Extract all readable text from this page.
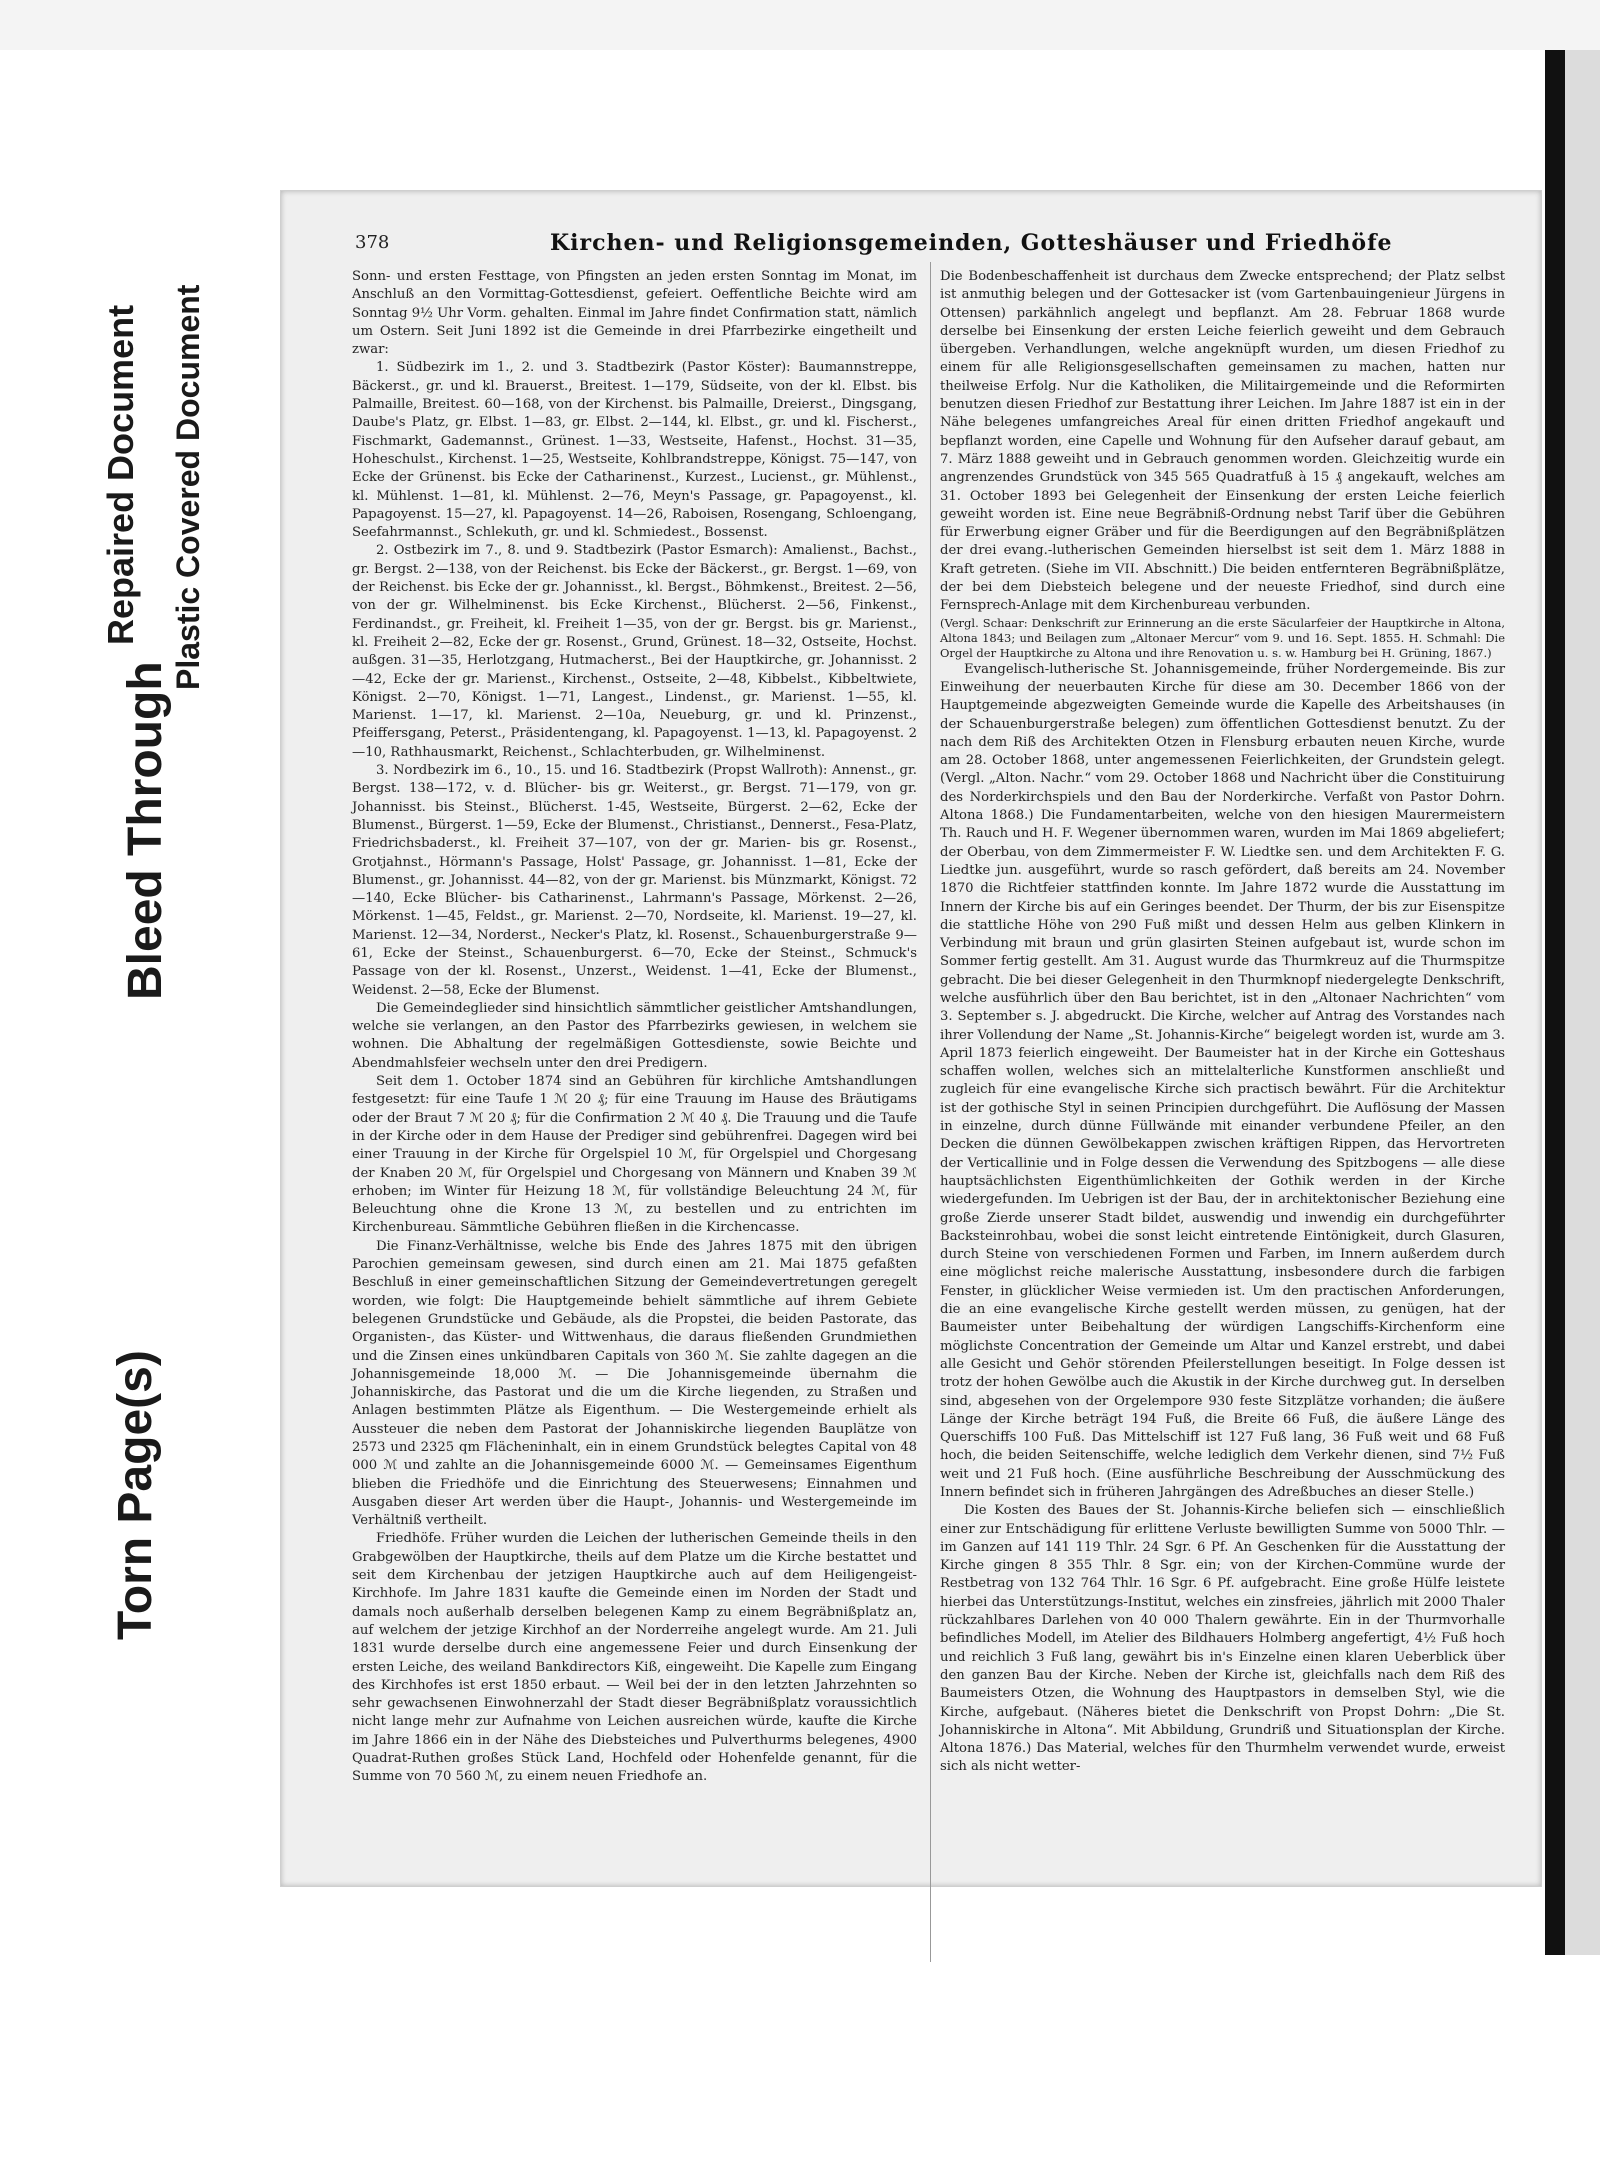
378	Kirchen- und Religionsgemeinden, Gotteshäuser und Friedhöfe

Sonn- und ersten Festtage, von Pfingsten an jeden ersten Sonntag im Monat, im Anschluß an den Vormittag-Gottesdienst, gefeiert. Oeffentliche Beichte wird am Sonntag 9½ Uhr Vorm. gehalten. Einmal im Jahre findet Confirmation statt, nämlich um Ostern. Seit Juni 1892 ist die Gemeinde in drei Pfarrbezirke eingetheilt und zwar:

1. Südbezirk im 1., 2. und 3. Stadtbezirk (Pastor Köster): Baumannstreppe, Bäckerst., gr. und kl. Brauerst., Breitest. 1—179, Südseite, von der kl. Elbst. bis Palmaille, Breitest. 60—168, von der Kirchenst. bis Palmaille, Dreierst., Dingsgang, Daube's Platz, gr. Elbst. 1—83, gr. Elbst. 2—144, kl. Elbst., gr. und kl. Fischerst., Fischmarkt, Gademannst., Grünest. 1—33, Westseite, Hafenst., Hochst. 31—35, Hoheschulst., Kirchenst. 1—25, Westseite, Kohlbrandstreppe, Königst. 75—147, von Ecke der Grünenst. bis Ecke der Catharinenst., Kurzest., Lucienst., gr. Mühlenst., kl. Mühlenst. 1—81, kl. Mühlenst. 2—76, Meyn's Passage, gr. Papagoyenst., kl. Papagoyenst. 15—27, kl. Papagoyenst. 14—26, Raboisen, Rosengang, Schloengang, Seefahrmannst., Schlekuth, gr. und kl. Schmiedest., Bossenst.

2. Ostbezirk im 7., 8. und 9. Stadtbezirk (Pastor Esmarch): Amalienst., Bachst., gr. Bergst. 2—138, von der Reichenst. bis Ecke der Bäckerst., gr. Bergst. 1—69, von der Reichenst. bis Ecke der gr. Johannisst., kl. Bergst., Böhmkenst., Breitest. 2—56, von der gr. Wilhelminenst. bis Ecke Kirchenst., Blücherst. 2—56, Finkenst., Ferdinandst., gr. Freiheit, kl. Freiheit 1—35, von der gr. Bergst. bis gr. Marienst., kl. Freiheit 2—82, Ecke der gr. Rosenst., Grund, Grünest. 18—32, Ostseite, Hochst. außgen. 31—35, Herlotzgang, Hutmacherst., Bei der Hauptkirche, gr. Johannisst. 2—42, Ecke der gr. Marienst., Kirchenst., Ostseite, 2—48, Kibbelst., Kibbeltwiete, Königst. 2—70, Königst. 1—71, Langest., Lindenst., gr. Marienst. 1—55, kl. Marienst. 1—17, kl. Marienst. 2—10a, Neueburg, gr. und kl. Prinzenst., Pfeiffersgang, Peterst., Präsidentengang, kl. Papagoyenst. 1—13, kl. Papagoyenst. 2—10, Rathhausmarkt, Reichenst., Schlachterbuden, gr. Wilhelminenst.

3. Nordbezirk im 6., 10., 15. und 16. Stadtbezirk (Propst Wallroth): Annenst., gr. Bergst. 138—172, v. d. Blücher- bis gr. Weiterst., gr. Bergst. 71—179, von gr. Johannisst. bis Steinst., Blücherst. 1-45, Westseite, Bürgerst. 2—62, Ecke der Blumenst., Bürgerst. 1—59, Ecke der Blumenst., Christianst., Dennerst., Fesa-Platz, Friedrichsbaderst., kl. Freiheit 37—107, von der gr. Marien- bis gr. Rosenst., Grotjahnst., Hörmann's Passage, Holst' Passage, gr. Johannisst. 1—81, Ecke der Blumenst., gr. Johannisst. 44—82, von der gr. Marienst. bis Münzmarkt, Königst. 72—140, Ecke Blücher- bis Catharinenst., Lahrmann's Passage, Mörkenst. 2—26, Mörkenst. 1—45, Feldst., gr. Marienst. 2—70, Nordseite, kl. Marienst. 19—27, kl. Marienst. 12—34, Norderst., Necker's Platz, kl. Rosenst., Schauenburgerstraße 9—61, Ecke der Steinst., Schauenburgerst. 6—70, Ecke der Steinst., Schmuck's Passage von der kl. Rosenst., Unzerst., Weidenst. 1—41, Ecke der Blumenst., Weidenst. 2—58, Ecke der Blumenst.

Die Gemeindeglieder sind hinsichtlich sämmtlicher geistlicher Amtshandlungen, welche sie verlangen, an den Pastor des Pfarrbezirks gewiesen, in welchem sie wohnen. Die Abhaltung der regelmäßigen Gottesdienste, sowie Beichte und Abendmahlsfeier wechseln unter den drei Predigern.

Seit dem 1. October 1874 sind an Gebühren für kirchliche Amtshandlungen festgesetzt: für eine Taufe 1 ℳ 20 ₰; für eine Trauung im Hause des Bräutigams oder der Braut 7 ℳ 20 ₰; für die Confirmation 2 ℳ 40 ₰. Die Trauung und die Taufe in der Kirche oder in dem Hause der Prediger sind gebührenfrei. Dagegen wird bei einer Trauung in der Kirche für Orgelspiel 10 ℳ, für Orgelspiel und Chorgesang der Knaben 20 ℳ, für Orgelspiel und Chorgesang von Männern und Knaben 39 ℳ erhoben; im Winter für Heizung 18 ℳ, für vollständige Beleuchtung 24 ℳ, für Beleuchtung ohne die Krone 13 ℳ, zu bestellen und zu entrichten im Kirchenbureau. Sämmtliche Gebühren fließen in die Kirchencasse.

Die Finanz-Verhältnisse, welche bis Ende des Jahres 1875 mit den übrigen Parochien gemeinsam gewesen, sind durch einen am 21. Mai 1875 gefaßten Beschluß in einer gemeinschaftlichen Sitzung der Gemeindevertretungen geregelt worden, wie folgt: Die Hauptgemeinde behielt sämmtliche auf ihrem Gebiete belegenen Grundstücke und Gebäude, als die Propstei, die beiden Pastorate, das Organisten-, das Küster- und Wittwenhaus, die daraus fließenden Grundmiethen und die Zinsen eines unkündbaren Capitals von 360 ℳ. Sie zahlte dagegen an die Johannisgemeinde 18,000 ℳ. — Die Johannisgemeinde übernahm die Johanniskirche, das Pastorat und die um die Kirche liegenden, zu Straßen und Anlagen bestimmten Plätze als Eigenthum. — Die Westergemeinde erhielt als Aussteuer die neben dem Pastorat der Johanniskirche liegenden Bauplätze von 2573 und 2325 qm Flächeninhalt, ein in einem Grundstück belegtes Capital von 48 000 ℳ und zahlte an die Johannisgemeinde 6000 ℳ. — Gemeinsames Eigenthum blieben die Friedhöfe und die Einrichtung des Steuerwesens; Einnahmen und Ausgaben dieser Art werden über die Haupt-, Johannis- und Westergemeinde im Verhältniß vertheilt.

Friedhöfe. Früher wurden die Leichen der lutherischen Gemeinde theils in den Grabgewölben der Hauptkirche, theils auf dem Platze um die Kirche bestattet und seit dem Kirchenbau der jetzigen Hauptkirche auch auf dem Heiligengeist-Kirchhofe. Im Jahre 1831 kaufte die Gemeinde einen im Norden der Stadt und damals noch außerhalb derselben belegenen Kamp zu einem Begräbnißplatz an, auf welchem der jetzige Kirchhof an der Norderreihe angelegt wurde. Am 21. Juli 1831 wurde derselbe durch eine angemessene Feier und durch Einsenkung der ersten Leiche, des weiland Bankdirectors Kiß, eingeweiht. Die Kapelle zum Eingang des Kirchhofes ist erst 1850 erbaut. — Weil bei der in den letzten Jahrzehnten so sehr gewachsenen Einwohnerzahl der Stadt dieser Begräbnißplatz voraussichtlich nicht lange mehr zur Aufnahme von Leichen ausreichen würde, kaufte die Kirche im Jahre 1866 ein in der Nähe des Diebsteiches und Pulverthurms belegenes, 4900 Quadrat-Ruthen großes Stück Land, Hochfeld oder Hohenfelde genannt, für die Summe von 70 560 ℳ, zu einem neuen Friedhofe an.

Die Bodenbeschaffenheit ist durchaus dem Zwecke entsprechend; der Platz selbst ist anmuthig belegen und der Gottesacker ist (vom Gartenbauingenieur Jürgens in Ottensen) parkähnlich angelegt und bepflanzt. Am 28. Februar 1868 wurde derselbe bei Einsenkung der ersten Leiche feierlich geweiht und dem Gebrauch übergeben. Verhandlungen, welche angeknüpft wurden, um diesen Friedhof zu einem für alle Religionsgesellschaften gemeinsamen zu machen, hatten nur theilweise Erfolg. Nur die Katholiken, die Militairgemeinde und die Reformirten benutzen diesen Friedhof zur Bestattung ihrer Leichen. Im Jahre 1887 ist ein in der Nähe belegenes umfangreiches Areal für einen dritten Friedhof angekauft und bepflanzt worden, eine Capelle und Wohnung für den Aufseher darauf gebaut, am 7. März 1888 geweiht und in Gebrauch genommen worden. Gleichzeitig wurde ein angrenzendes Grundstück von 345 565 Quadratfuß à 15 ₰ angekauft, welches am 31. October 1893 bei Gelegenheit der Einsenkung der ersten Leiche feierlich geweiht worden ist. Eine neue Begräbniß-Ordnung nebst Tarif über die Gebühren für Erwerbung eigner Gräber und für die Beerdigungen auf den Begräbnißplätzen der drei evang.-lutherischen Gemeinden hierselbst ist seit dem 1. März 1888 in Kraft getreten. (Siehe im VII. Abschnitt.) Die beiden entfernteren Begräbnißplätze, der bei dem Diebsteich belegene und der neueste Friedhof, sind durch eine Fernsprech-Anlage mit dem Kirchenbureau verbunden.

(Vergl. Schaar: Denkschrift zur Erinnerung an die erste Säcularfeier der Hauptkirche in Altona, Altona 1843; und Beilagen zum „Altonaer Mercur“ vom 9. und 16. Sept. 1855. H. Schmahl: Die Orgel der Hauptkirche zu Altona und ihre Renovation u. s. w. Hamburg bei H. Grüning, 1867.)

Evangelisch-lutherische St. Johannisgemeinde, früher Nordergemeinde. Bis zur Einweihung der neuerbauten Kirche für diese am 30. December 1866 von der Hauptgemeinde abgezweigten Gemeinde wurde die Kapelle des Arbeitshauses (in der Schauenburgerstraße belegen) zum öffentlichen Gottesdienst benutzt. Zu der nach dem Riß des Architekten Otzen in Flensburg erbauten neuen Kirche, wurde am 28. October 1868, unter angemessenen Feierlichkeiten, der Grundstein gelegt. (Vergl. „Alton. Nachr.“ vom 29. October 1868 und Nachricht über die Constituirung des Norderkirchspiels und den Bau der Norderkirche. Verfaßt von Pastor Dohrn. Altona 1868.) Die Fundamentarbeiten, welche von den hiesigen Maurermeistern Th. Rauch und H. F. Wegener übernommen waren, wurden im Mai 1869 abgeliefert; der Oberbau, von dem Zimmermeister F. W. Liedtke sen. und dem Architekten F. G. Liedtke jun. ausgeführt, wurde so rasch gefördert, daß bereits am 24. November 1870 die Richtfeier stattfinden konnte. Im Jahre 1872 wurde die Ausstattung im Innern der Kirche bis auf ein Geringes beendet. Der Thurm, der bis zur Eisenspitze die stattliche Höhe von 290 Fuß mißt und dessen Helm aus gelben Klinkern in Verbindung mit braun und grün glasirten Steinen aufgebaut ist, wurde schon im Sommer fertig gestellt. Am 31. August wurde das Thurmkreuz auf die Thurmspitze gebracht. Die bei dieser Gelegenheit in den Thurmknopf niedergelegte Denkschrift, welche ausführlich über den Bau berichtet, ist in den „Altonaer Nachrichten“ vom 3. September s. J. abgedruckt. Die Kirche, welcher auf Antrag des Vorstandes nach ihrer Vollendung der Name „St. Johannis-Kirche“ beigelegt worden ist, wurde am 3. April 1873 feierlich eingeweiht. Der Baumeister hat in der Kirche ein Gotteshaus schaffen wollen, welches sich an mittelalterliche Kunstformen anschließt und zugleich für eine evangelische Kirche sich practisch bewährt. Für die Architektur ist der gothische Styl in seinen Principien durchgeführt. Die Auflösung der Massen in einzelne, durch dünne Füllwände mit einander verbundene Pfeiler, an den Decken die dünnen Gewölbekappen zwischen kräftigen Rippen, das Hervortreten der Verticallinie und in Folge dessen die Verwendung des Spitzbogens — alle diese hauptsächlichsten Eigenthümlichkeiten der Gothik werden in der Kirche wiedergefunden. Im Uebrigen ist der Bau, der in architektonischer Beziehung eine große Zierde unserer Stadt bildet, auswendig und inwendig ein durchgeführter Backsteinrohbau, wobei die sonst leicht eintretende Eintönigkeit, durch Glasuren, durch Steine von verschiedenen Formen und Farben, im Innern außerdem durch eine möglichst reiche malerische Ausstattung, insbesondere durch die farbigen Fenster, in glücklicher Weise vermieden ist. Um den practischen Anforderungen, die an eine evangelische Kirche gestellt werden müssen, zu genügen, hat der Baumeister unter Beibehaltung der würdigen Langschiffs-Kirchenform eine möglichste Concentration der Gemeinde um Altar und Kanzel erstrebt, und dabei alle Gesicht und Gehör störenden Pfeilerstellungen beseitigt. In Folge dessen ist trotz der hohen Gewölbe auch die Akustik in der Kirche durchweg gut. In derselben sind, abgesehen von der Orgelempore 930 feste Sitzplätze vorhanden; die äußere Länge der Kirche beträgt 194 Fuß, die Breite 66 Fuß, die äußere Länge des Querschiffs 100 Fuß. Das Mittelschiff ist 127 Fuß lang, 36 Fuß weit und 68 Fuß hoch, die beiden Seitenschiffe, welche lediglich dem Verkehr dienen, sind 7½ Fuß weit und 21 Fuß hoch. (Eine ausführliche Beschreibung der Ausschmückung des Innern befindet sich in früheren Jahrgängen des Adreßbuches an dieser Stelle.)

Die Kosten des Baues der St. Johannis-Kirche beliefen sich — einschließlich einer zur Entschädigung für erlittene Verluste bewilligten Summe von 5000 Thlr. — im Ganzen auf 141 119 Thlr. 24 Sgr. 6 Pf. An Geschenken für die Ausstattung der Kirche gingen 8 355 Thlr. 8 Sgr. ein; von der Kirchen-Commüne wurde der Restbetrag von 132 764 Thlr. 16 Sgr. 6 Pf. aufgebracht. Eine große Hülfe leistete hierbei das Unterstützungs-Institut, welches ein zinsfreies, jährlich mit 2000 Thaler rückzahlbares Darlehen von 40 000 Thalern gewährte. Ein in der Thurmvorhalle befindliches Modell, im Atelier des Bildhauers Holmberg angefertigt, 4½ Fuß hoch und reichlich 3 Fuß lang, gewährt bis in's Einzelne einen klaren Ueberblick über den ganzen Bau der Kirche. Neben der Kirche ist, gleichfalls nach dem Riß des Baumeisters Otzen, die Wohnung des Hauptpastors in demselben Styl, wie die Kirche, aufgebaut. (Näheres bietet die Denkschrift von Propst Dohrn: „Die St. Johanniskirche in Altona“. Mit Abbildung, Grundriß und Situationsplan der Kirche. Altona 1876.) Das Material, welches für den Thurmhelm verwendet wurde, erweist sich als nicht wetter-

Bleed Through
Torn Page(s)
Repaired Document Plastic Covered Document
